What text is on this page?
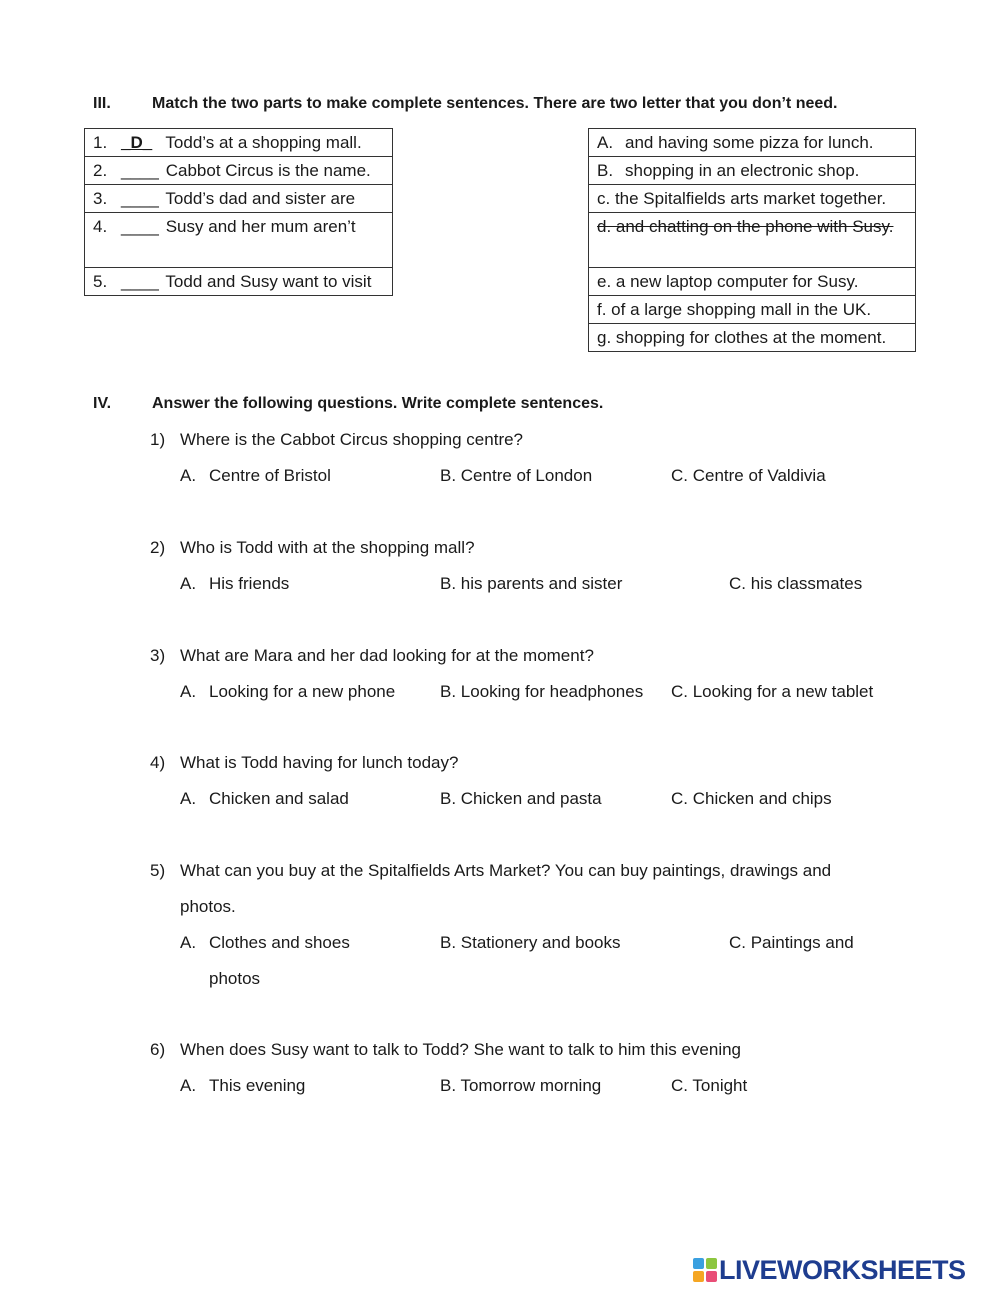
III.	Match the two parts to make complete sentences. There are two letter that you don’t need.
1. _D_ Todd’s at a shopping mall.
2. ____ Cabbot Circus is the name.
3. ____ Todd’s dad and sister are
4. ____ Susy and her mum aren’t
5. ____ Todd and Susy want to visit
A. and having some pizza for lunch.
B. shopping in an electronic shop.
c. the Spitalfields arts market together.
d. and chatting on the phone with Susy.
e. a new laptop computer for Susy.
f. of a large shopping mall in the UK.
g. shopping for clothes at the moment.
IV.	Answer the following questions. Write complete sentences.
1) Where is the Cabbot Circus shopping centre?
A. Centre of Bristol	B. Centre of London	C. Centre of Valdivia
2) Who is Todd with at the shopping mall?
A. His friends	B. his parents and sister	C. his classmates
3) What are Mara and her dad looking for at the moment?
A. Looking for a new phone	B. Looking for headphones C. Looking for a new tablet
4) What is Todd having for lunch today?
A. Chicken and salad	B. Chicken and pasta	C. Chicken and chips
5) What can you buy at the Spitalfields Arts Market? You can buy paintings, drawings and
photos.
A. Clothes and shoes	B. Stationery and books	C. Paintings and
photos
6) When does Susy want to talk to Todd? She want to talk to him this evening
A. This evening	B. Tomorrow morning	C. Tonight
LIVEWORKSHEETS
